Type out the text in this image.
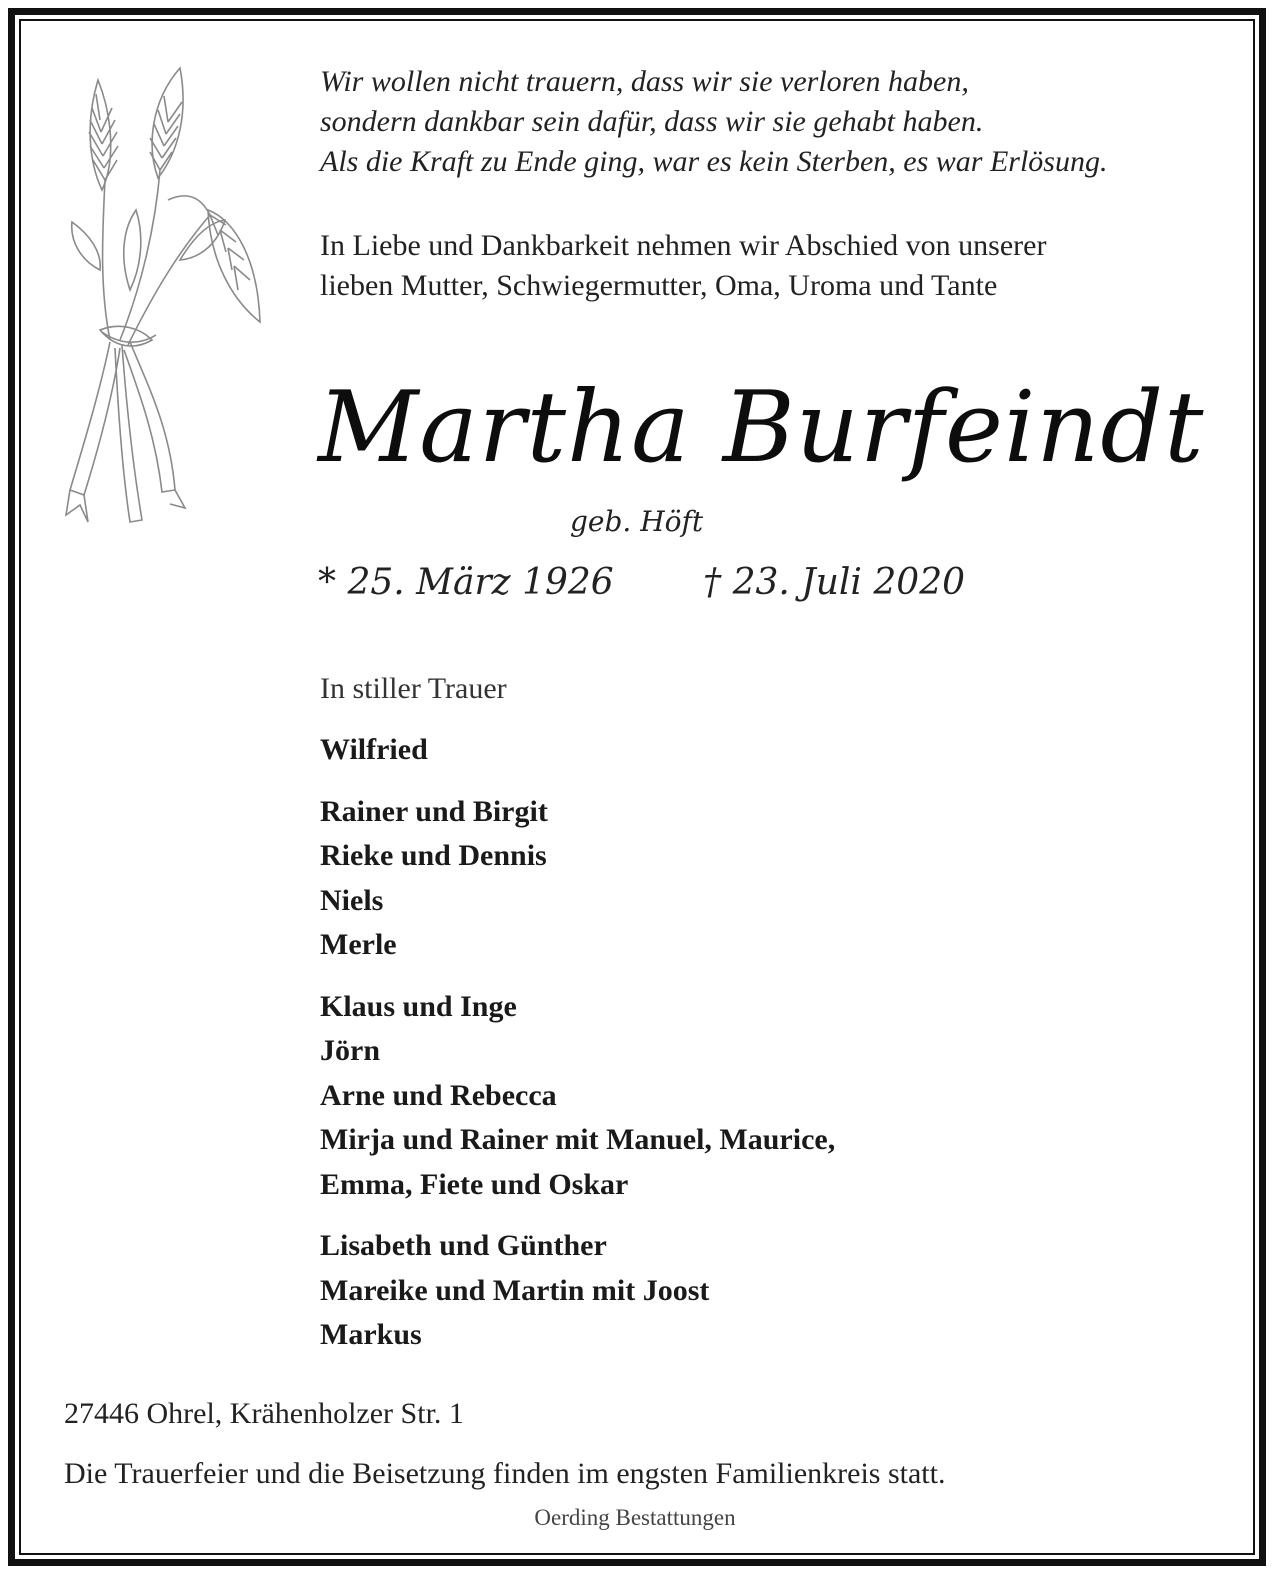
Wir wollen nicht trauern, dass wir sie verloren haben,
sondern dankbar sein dafür, dass wir sie gehabt haben.
Als die Kraft zu Ende ging, war es kein Sterben, es war Erlösung.
In Liebe und Dankbarkeit nehmen wir Abschied von unserer
lieben Mutter, Schwiegermutter, Oma, Uroma und Tante
Martha Burfeindt
geb. Höft
* 25. März 1926 † 23. Juli 2020
In stiller Trauer
Wilfried
Rainer und Birgit
Rieke und Dennis
Niels
Merle
Klaus und Inge
Jörn
Arne und Rebecca
Mirja und Rainer mit Manuel, Maurice,
Emma, Fiete und Oskar
Lisabeth und Günther
Mareike und Martin mit Joost
Markus
27446 Ohrel, Krähenholzer Str. 1
Die Trauerfeier und die Beisetzung finden im engsten Familienkreis statt.
Oerding Bestattungen
